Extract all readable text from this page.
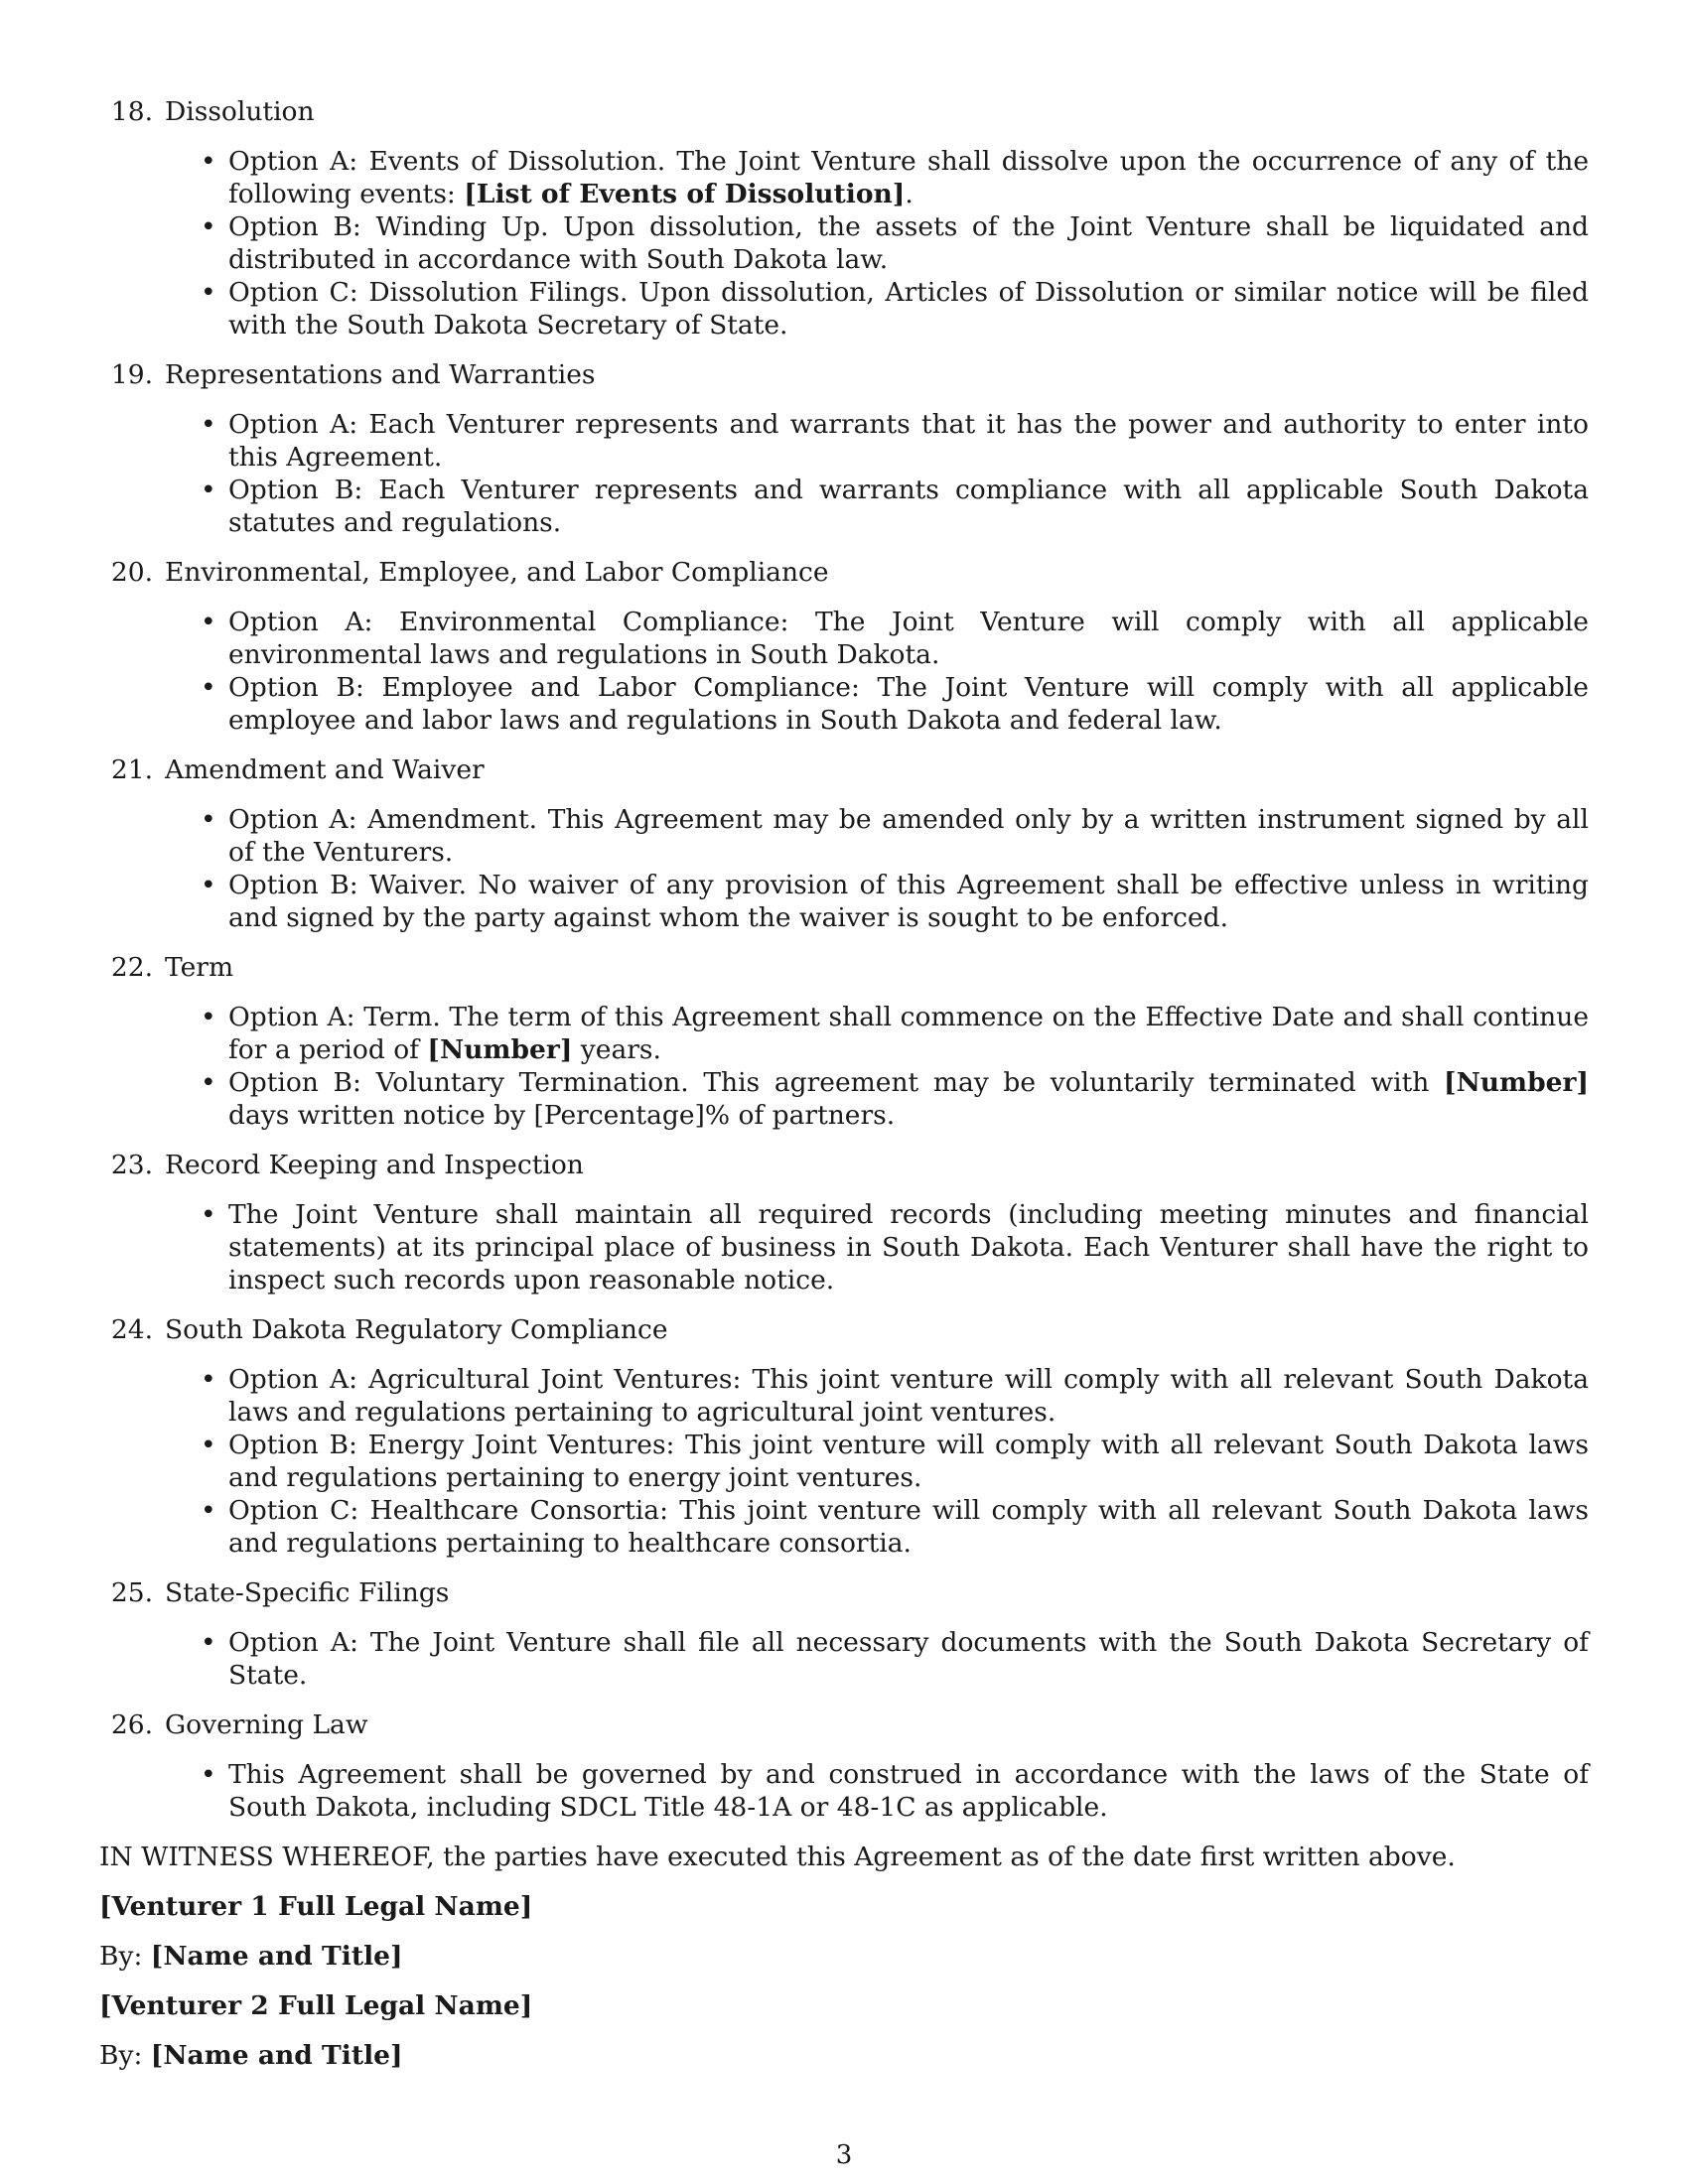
18. Dissolution
• Option A: Events of Dissolution. The Joint Venture shall dissolve upon the occurrence of any of the following events: [List of Events of Dissolution].
• Option B: Winding Up. Upon dissolution, the assets of the Joint Venture shall be liquidated and distributed in accordance with South Dakota law.
• Option C: Dissolution Filings. Upon dissolution, Articles of Dissolution or similar notice will be filed with the South Dakota Secretary of State.
19. Representations and Warranties
• Option A: Each Venturer represents and warrants that it has the power and authority to enter into this Agreement.
• Option B: Each Venturer represents and warrants compliance with all applicable South Dakota statutes and regulations.
20. Environmental, Employee, and Labor Compliance
• Option A: Environmental Compliance: The Joint Venture will comply with all applicable environmental laws and regulations in South Dakota.
• Option B: Employee and Labor Compliance: The Joint Venture will comply with all applicable employee and labor laws and regulations in South Dakota and federal law.
21. Amendment and Waiver
• Option A: Amendment. This Agreement may be amended only by a written instrument signed by all of the Venturers.
• Option B: Waiver. No waiver of any provision of this Agreement shall be effective unless in writing and signed by the party against whom the waiver is sought to be enforced.
22. Term
• Option A: Term. The term of this Agreement shall commence on the Effective Date and shall continue for a period of [Number] years.
• Option B: Voluntary Termination. This agreement may be voluntarily terminated with [Number] days written notice by [Percentage]% of partners.
23. Record Keeping and Inspection
• The Joint Venture shall maintain all required records (including meeting minutes and financial statements) at its principal place of business in South Dakota. Each Venturer shall have the right to inspect such records upon reasonable notice.
24. South Dakota Regulatory Compliance
• Option A: Agricultural Joint Ventures: This joint venture will comply with all relevant South Dakota laws and regulations pertaining to agricultural joint ventures.
• Option B: Energy Joint Ventures: This joint venture will comply with all relevant South Dakota laws and regulations pertaining to energy joint ventures.
• Option C: Healthcare Consortia: This joint venture will comply with all relevant South Dakota laws and regulations pertaining to healthcare consortia.
25. State-Specific Filings
• Option A: The Joint Venture shall file all necessary documents with the South Dakota Secretary of State.
26. Governing Law
• This Agreement shall be governed by and construed in accordance with the laws of the State of South Dakota, including SDCL Title 48-1A or 48-1C as applicable.

IN WITNESS WHEREOF, the parties have executed this Agreement as of the date first written above.

[Venturer 1 Full Legal Name]
By: [Name and Title]
[Venturer 2 Full Legal Name]
By: [Name and Title]
3
